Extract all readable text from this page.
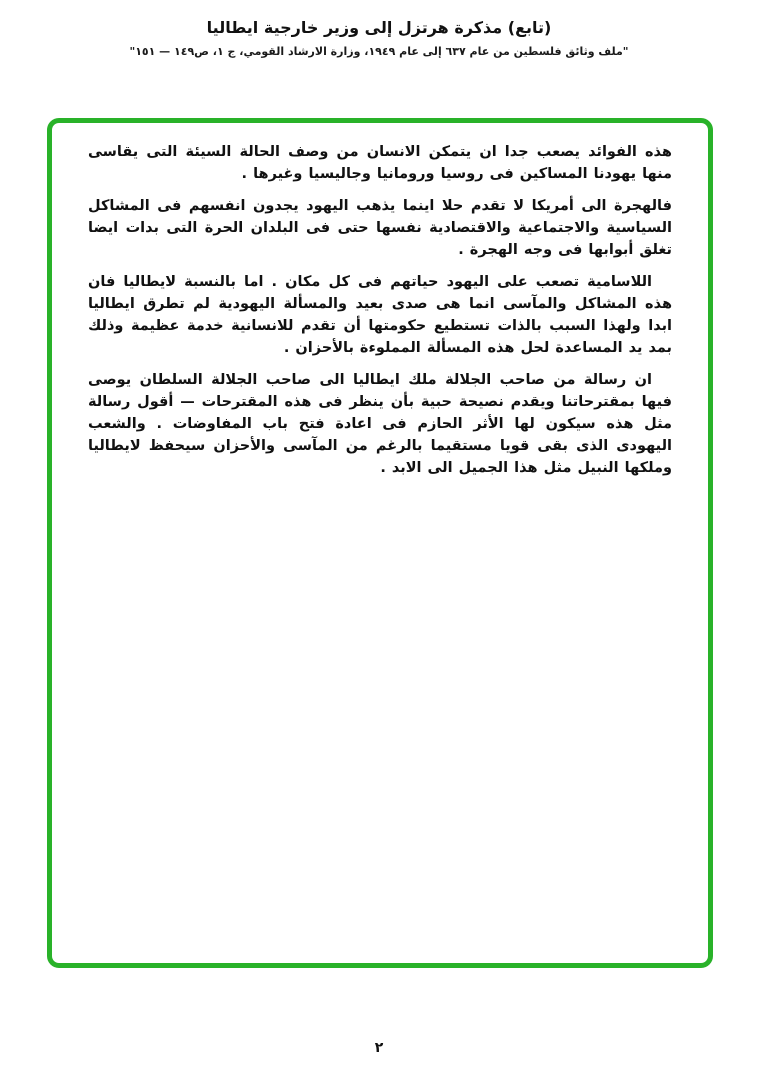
(تابع) مذكرة هرتزل إلى وزير خارجية ايطاليا
"ملف وثائق فلسطين من عام ٦٣٧ إلى عام ١٩٤٩، وزارة الارشاد القومي، ج ١، ص١٤٩ — ١٥١"

هذه الفوائد يصعب جدا ان يتمكن الانسان من وصف الحالة السيئة التى يقاسى منها يهودنا المساكين فى روسيا ورومانيا وجاليسيا وغيرها .

فالهجرة الى أمريكا لا تقدم حلا اينما يذهب اليهود يجدون انفسهم فى المشاكل السياسية والاجتماعية والاقتصادية نفسها حتى فى البلدان الحرة التى بدات ايضا تغلق أبوابها فى وجه الهجرة .

اللاسامية تصعب على اليهود حياتهم فى كل مكان . اما بالنسبة لايطاليا فان هذه المشاكل والمآسى انما هى صدى بعيد والمسألة اليهودية لم تطرق ايطاليا ابدا ولهذا السبب بالذات تستطيع حكومتها أن تقدم للانسانية خدمة عظيمة وذلك بمد يد المساعدة لحل هذه المسألة المملوءة بالأحزان .

ان رسالة من صاحب الجلالة ملك ايطاليا الى صاحب الجلالة السلطان يوصى فيها بمقترحاتنا ويقدم نصيحة حبية بأن ينظر فى هذه المقترحات — أقول رسالة مثل هذه سيكون لها الأثر الحازم فى اعادة فتح باب المفاوضات . والشعب اليهودى الذى بقى قويا مستقيما بالرغم من المآسى والأحزان سيحفظ لايطاليا وملكها النبيل مثل هذا الجميل الى الابد .

٢
